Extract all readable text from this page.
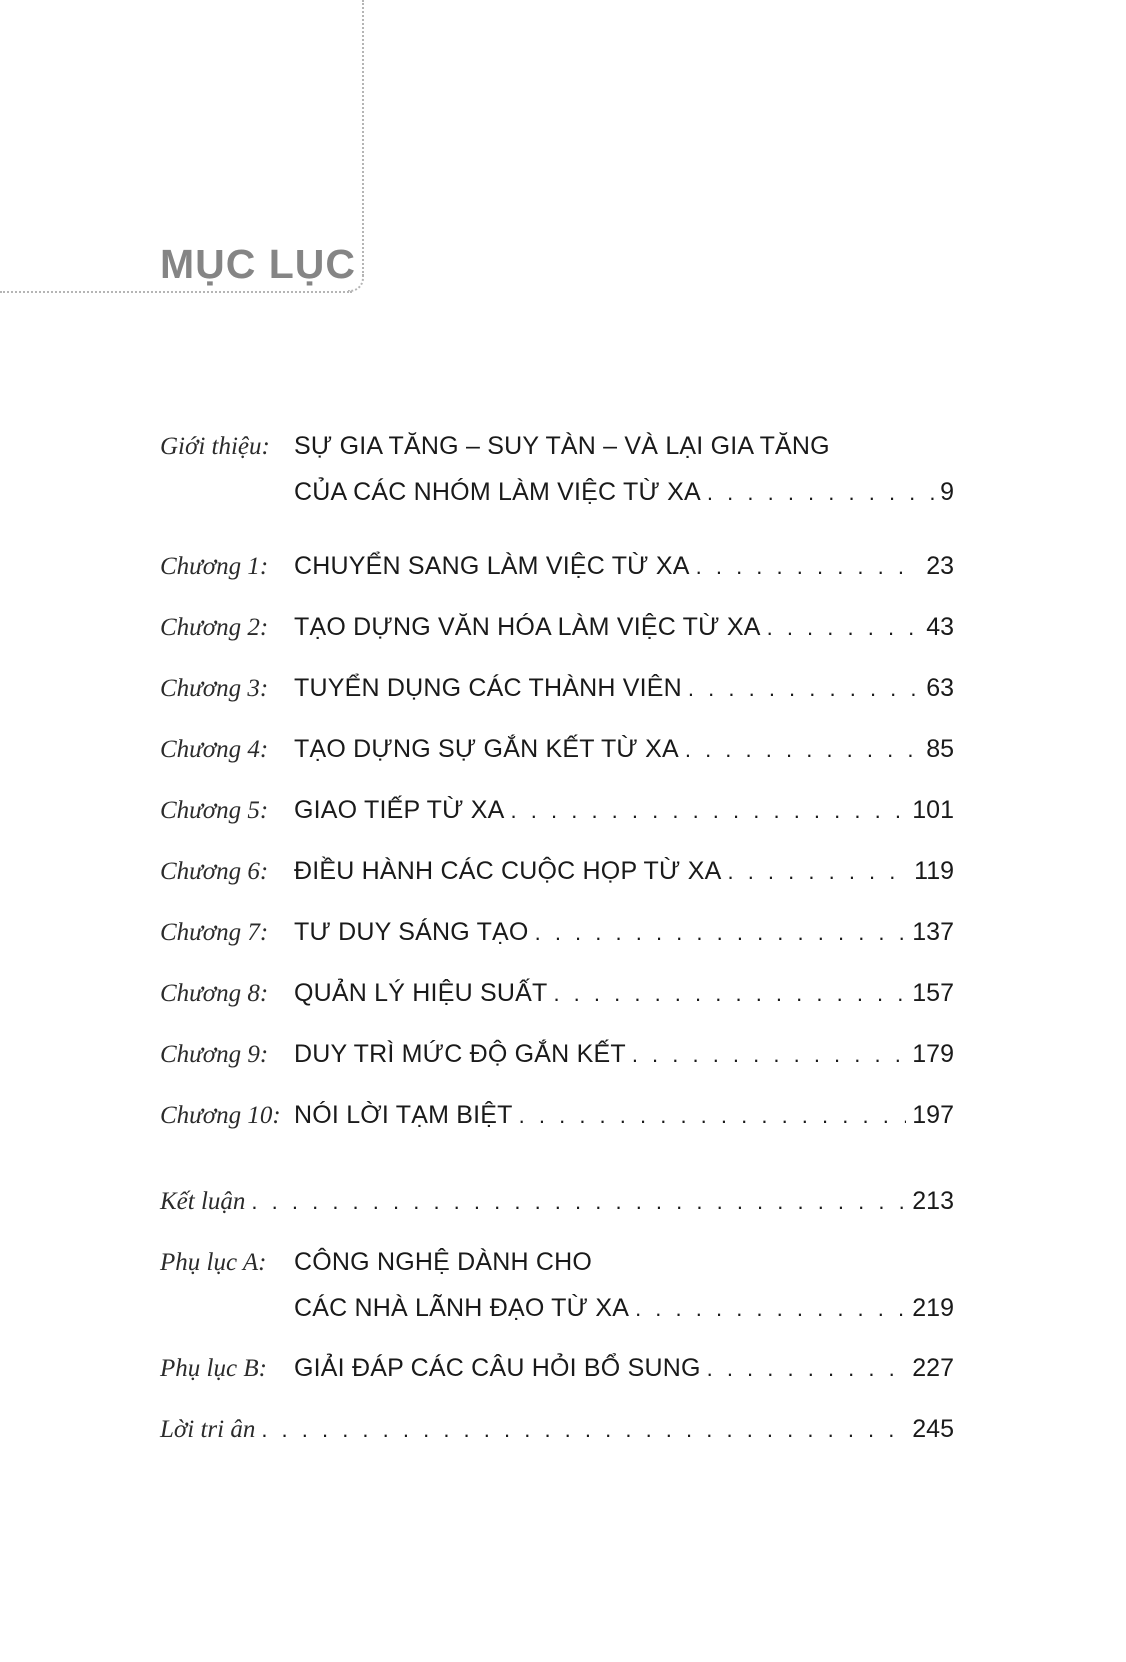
MỤC LỤC
Giới thiệu: SỰ GIA TĂNG – SUY TÀN – VÀ LẠI GIA TĂNG
CỦA CÁC NHÓM LÀM VIỆC TỪ XA . . .	9
Chương 1:	CHUYỂN SANG LÀM VIỆC TỪ XA . . .	23
Chương 2:	TẠO DỰNG VĂN HÓA LÀM VIỆC TỪ XA . . .	43
Chương 3:	TUYỂN DỤNG CÁC THÀNH VIÊN . . .	63
Chương 4:	TẠO DỰNG SỰ GẮN KẾT TỪ XA . . .	85
Chương 5:	GIAO TIẾP TỪ XA . . .	101
Chương 6:	ĐIỀU HÀNH CÁC CUỘC HỌP TỪ XA . . .	119
Chương 7:	TƯ DUY SÁNG TẠO . . .	137
Chương 8:	QUẢN LÝ HIỆU SUẤT . . .	157
Chương 9:	DUY TRÌ MỨC ĐỘ GẮN KẾT . . .	179
Chương 10: NÓI LỜI TẠM BIỆT . . .	197
Kết luận . . .	213
Phụ lục A:	CÔNG NGHỆ DÀNH CHO
CÁC NHÀ LÃNH ĐẠO TỪ XA . . .	219
Phụ lục B:	GIẢI ĐÁP CÁC CÂU HỎI BỔ SUNG . . .	227
Lời tri ân . . .	245
